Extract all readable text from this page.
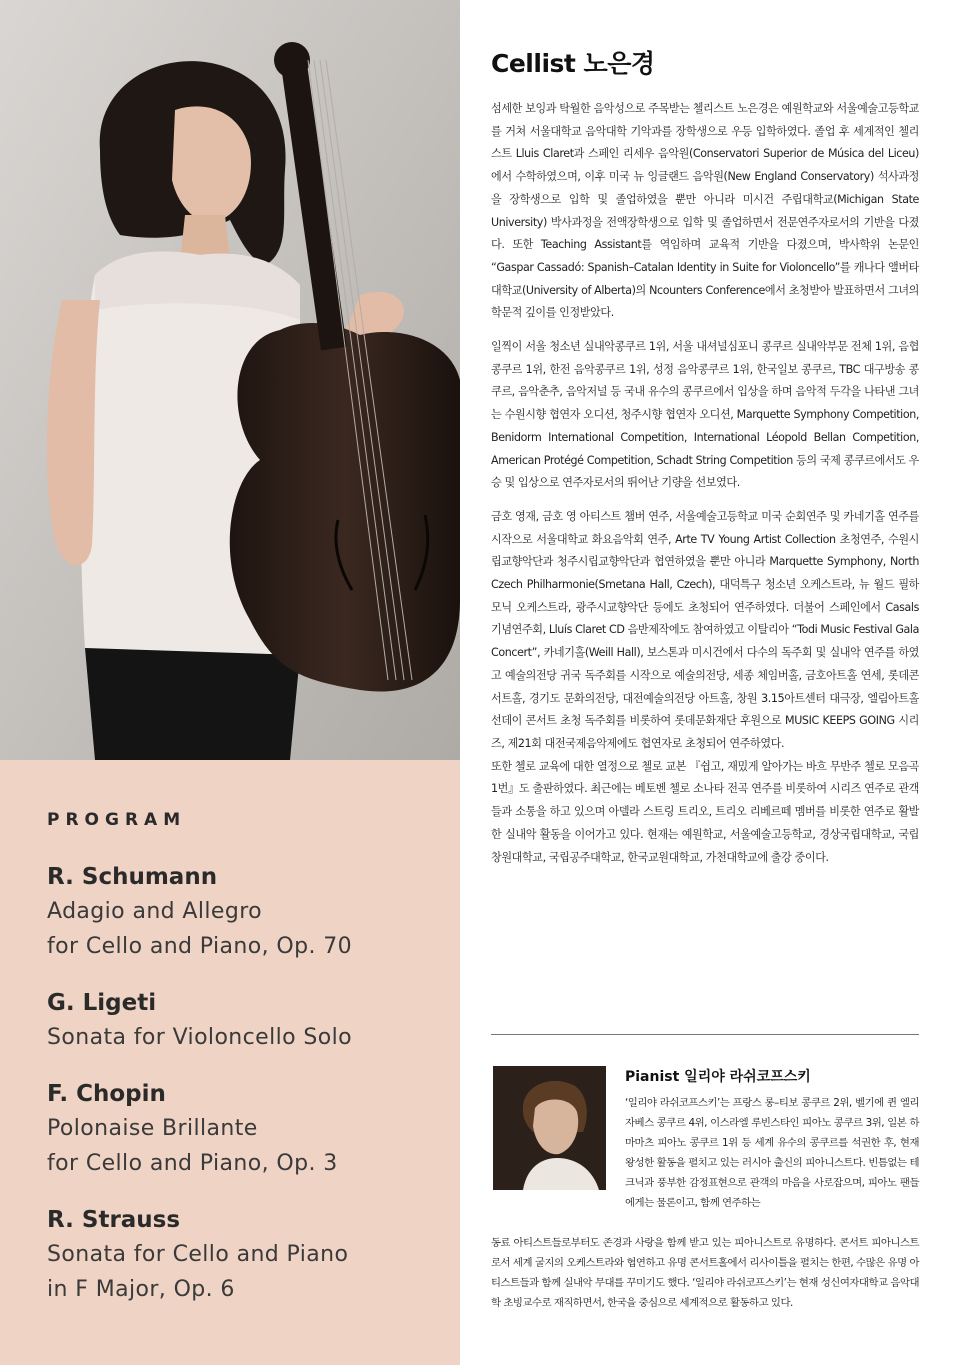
PROGRAM
R. Schumann
Adagio and Allegro
for Cello and Piano, Op. 70
G. Ligeti
Sonata for Violoncello Solo
F. Chopin
Polonaise Brillante
for Cello and Piano, Op. 3
R. Strauss
Sonata for Cello and Piano
in F Major, Op. 6
Cellist 노은경

섬세한 보잉과 탁월한 음악성으로 주목받는 첼리스트 노은경은 예원학교와 서울예술고등학교를 거쳐 서울대학교 음악대학 기악과를 장학생으로 우등 입학하였다. 졸업 후 세계적인 첼리스트 Lluis Claret과 스페인 리세우 음악원(Conservatori Superior de Música del Liceu)에서 수학하였으며, 이후 미국 뉴 잉글랜드 음악원(New England Conservatory) 석사과정을 장학생으로 입학 및 졸업하였을 뿐만 아니라 미시건 주립대학교(Michigan State University) 박사과정을 전액장학생으로 입학 및 졸업하면서 전문연주자로서의 기반을 다졌다. 또한 Teaching Assistant를 역임하며 교육적 기반을 다졌으며, 박사학위 논문인 “Gaspar Cassadó: Spanish–Catalan Identity in Suite for Violoncello”를 캐나다 앨버타 대학교(University of Alberta)의 Ncounters Conference에서 초청받아 발표하면서 그녀의 학문적 깊이를 인정받았다.

일찍이 서울 청소년 실내악콩쿠르 1위, 서울 내셔널심포니 콩쿠르 실내악부문 전체 1위, 음협 콩쿠르 1위, 한전 음악콩쿠르 1위, 성정 음악콩쿠르 1위, 한국일보 콩쿠르, TBC 대구방송 콩쿠르, 음악춘추, 음악저널 등 국내 유수의 콩쿠르에서 입상을 하며 음악적 두각을 나타낸 그녀는 수원시향 협연자 오디션, 청주시향 협연자 오디션, Marquette Symphony Competition, Benidorm International Competition, International Léopold Bellan Competition, American Protégé Competition, Schadt String Competition 등의 국제 콩쿠르에서도 우승 및 입상으로 연주자로서의 뛰어난 기량을 선보였다.

금호 영재, 금호 영 아티스트 챔버 연주, 서울예술고등학교 미국 순회연주 및 카네기홀 연주를 시작으로 서울대학교 화요음악회 연주, Arte TV Young Artist Collection 초청연주, 수원시립교향악단과 청주시립교향악단과 협연하였을 뿐만 아니라 Marquette Symphony, North Czech Philharmonie(Smetana Hall, Czech), 대덕특구 청소년 오케스트라, 뉴 월드 필하모닉 오케스트라, 광주시교향악단 등에도 초청되어 연주하였다. 더불어 스페인에서 Casals 기념연주회, Lluís Claret CD 음반제작에도 참여하였고 이탈리아 “Todi Music Festival Gala Concert”, 카네기홀(Weill Hall), 보스톤과 미시건에서 다수의 독주회 및 실내악 연주를 하였고 예술의전당 귀국 독주회를 시작으로 예술의전당, 세종 체임버홀, 금호아트홀 연세, 롯데콘서트홀, 경기도 문화의전당, 대전예술의전당 아트홀, 창원 3.15아트센터 대극장, 엘림아트홀 선데이 콘서트 초청 독주회를 비롯하여 롯데문화재단 후원으로 MUSIC KEEPS GOING 시리즈, 제21회 대전국제음악제에도 협연자로 초청되어 연주하였다.

또한 첼로 교육에 대한 열정으로 첼로 교본 『쉽고, 재밌게 알아가는 바흐 무반주 첼로 모음곡 1번』도 출판하였다. 최근에는 베토벤 첼로 소나타 전곡 연주를 비롯하여 시리즈 연주로 관객들과 소통을 하고 있으며 아델라 스트링 트리오, 트리오 리베르떼 멤버를 비롯한 연주로 활발한 실내악 활동을 이어가고 있다. 현재는 예원학교, 서울예술고등학교, 경상국립대학교, 국립창원대학교, 국립공주대학교, 한국교원대학교, 가천대학교에 출강 중이다.

Pianist 일리야 라쉬코프스키

‘일리야 라쉬코프스키’는 프랑스 롱–티보 콩쿠르 2위, 벨기에 퀸 엘리자베스 콩쿠르 4위, 이스라엘 루빈스타인 피아노 콩쿠르 3위, 일본 하마마츠 피아노 콩쿠르 1위 등 세계 유수의 콩쿠르를 석권한 후, 현재 왕성한 활동을 펼치고 있는 러시아 출신의 피아니스트다. 빈틈없는 테크닉과 풍부한 감정표현으로 관객의 마음을 사로잡으며, 피아노 팬들에게는 물론이고, 함께 연주하는

동료 아티스트들로부터도 존경과 사랑을 함께 받고 있는 피아니스트로 유명하다. 콘서트 피아니스트로서 세계 굴지의 오케스트라와 협연하고 유명 콘서트홀에서 리사이틀을 펼치는 한편, 수많은 유명 아티스트들과 함께 실내악 무대를 꾸미기도 했다. ‘일리야 라쉬코프스키’는 현재 성신여자대학교 음악대학 초빙교수로 재직하면서, 한국을 중심으로 세계적으로 활동하고 있다.
